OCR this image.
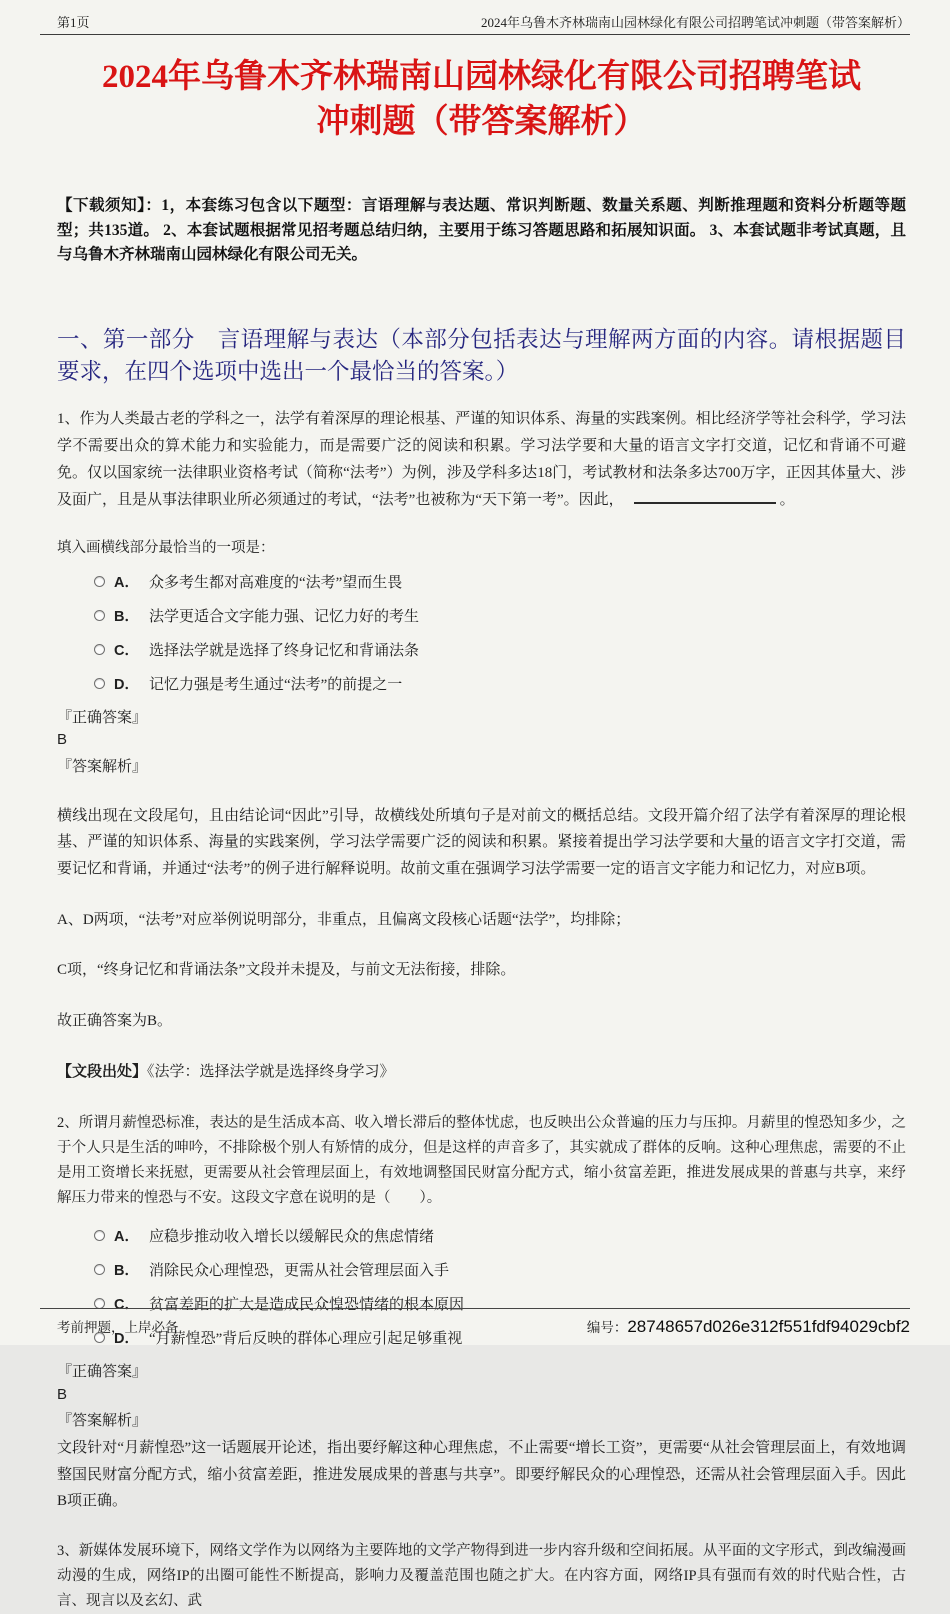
第1页	2024年乌鲁木齐林瑞南山园林绿化有限公司招聘笔试冲刺题（带答案解析）
2024年乌鲁木齐林瑞南山园林绿化有限公司招聘笔试冲刺题（带答案解析）

【下载须知】：1，本套练习包含以下题型：言语理解与表达题、常识判断题、数量关系题、判断推理题和资料分析题等题型；共135道。 2、本套试题根据常见招考题总结归纳，主要用于练习答题思路和拓展知识面。 3、本套试题非考试真题，且与乌鲁木齐林瑞南山园林绿化有限公司无关。

一、第一部分　言语理解与表达（本部分包括表达与理解两方面的内容。请根据题目要求，在四个选项中选出一个最恰当的答案。）

1、作为人类最古老的学科之一，法学有着深厚的理论根基、严谨的知识体系、海量的实践案例。相比经济学等社会科学，学习法学不需要出众的算术能力和实验能力，而是需要广泛的阅读和积累。学习法学要和大量的语言文字打交道，记忆和背诵不可避免。仅以国家统一法律职业资格考试（简称“法考”）为例，涉及学科多达18门，考试教材和法条多达700万字，正因其体量大、涉及面广，且是从事法律职业所必须通过的考试，“法考”也被称为“天下第一考”。因此，	。

填入画横线部分最恰当的一项是：

A． 众多考生都对高难度的“法考”望而生畏
B． 法学更适合文字能力强、记忆力好的考生
C． 选择法学就是选择了终身记忆和背诵法条
D． 记忆力强是考生通过“法考”的前提之一

『正确答案』

B

『答案解析』

横线出现在文段尾句，且由结论词“因此”引导，故横线处所填句子是对前文的概括总结。文段开篇介绍了法学有着深厚的理论根基、严谨的知识体系、海量的实践案例，学习法学需要广泛的阅读和积累。紧接着提出学习法学要和大量的语言文字打交道，需要记忆和背诵，并通过“法考”的例子进行解释说明。故前文重在强调学习法学需要一定的语言文字能力和记忆力，对应B项。

A、D两项，“法考”对应举例说明部分，非重点，且偏离文段核心话题“法学”，均排除；

C项，“终身记忆和背诵法条”文段并未提及，与前文无法衔接，排除。

故正确答案为B。

【文段出处】《法学：选择法学就是选择终身学习》

2、所谓月薪惶恐标准，表达的是生活成本高、收入增长滞后的整体忧虑，也反映出公众普遍的压力与压抑。月薪里的惶恐知多少，之于个人只是生活的呻吟，不排除极个别人有矫情的成分，但是这样的声音多了，其实就成了群体的反响。这种心理焦虑，需要的不止是用工资增长来抚慰，更需要从社会管理层面上，有效地调整国民财富分配方式，缩小贫富差距，推进发展成果的普惠与共享，来纾解压力带来的惶恐与不安。这段文字意在说明的是（　　）。

A． 应稳步推动收入增长以缓解民众的焦虑情绪
B． 消除民众心理惶恐，更需从社会管理层面入手
C． 贫富差距的扩大是造成民众惶恐情绪的根本原因
D． “月薪惶恐”背后反映的群体心理应引起足够重视

『正确答案』

B

『答案解析』

文段针对“月薪惶恐”这一话题展开论述，指出要纾解这种心理焦虑，不止需要“增长工资”，更需要“从社会管理层面上，有效地调整国民财富分配方式，缩小贫富差距，推进发展成果的普惠与共享”。即要纾解民众的心理惶恐，还需从社会管理层面入手。因此B项正确。

3、新媒体发展环境下，网络文学作为以网络为主要阵地的文学产物得到进一步内容升级和空间拓展。从平面的文字形式，到改编漫画动漫的生成，网络IP的出圈可能性不断提高，影响力及覆盖范围也随之扩大。在内容方面，网络IP具有强而有效的时代贴合性，古言、现言以及玄幻、武

考前押题，上岸必备	编号：28748657d026e312f551fdf94029cbf2
